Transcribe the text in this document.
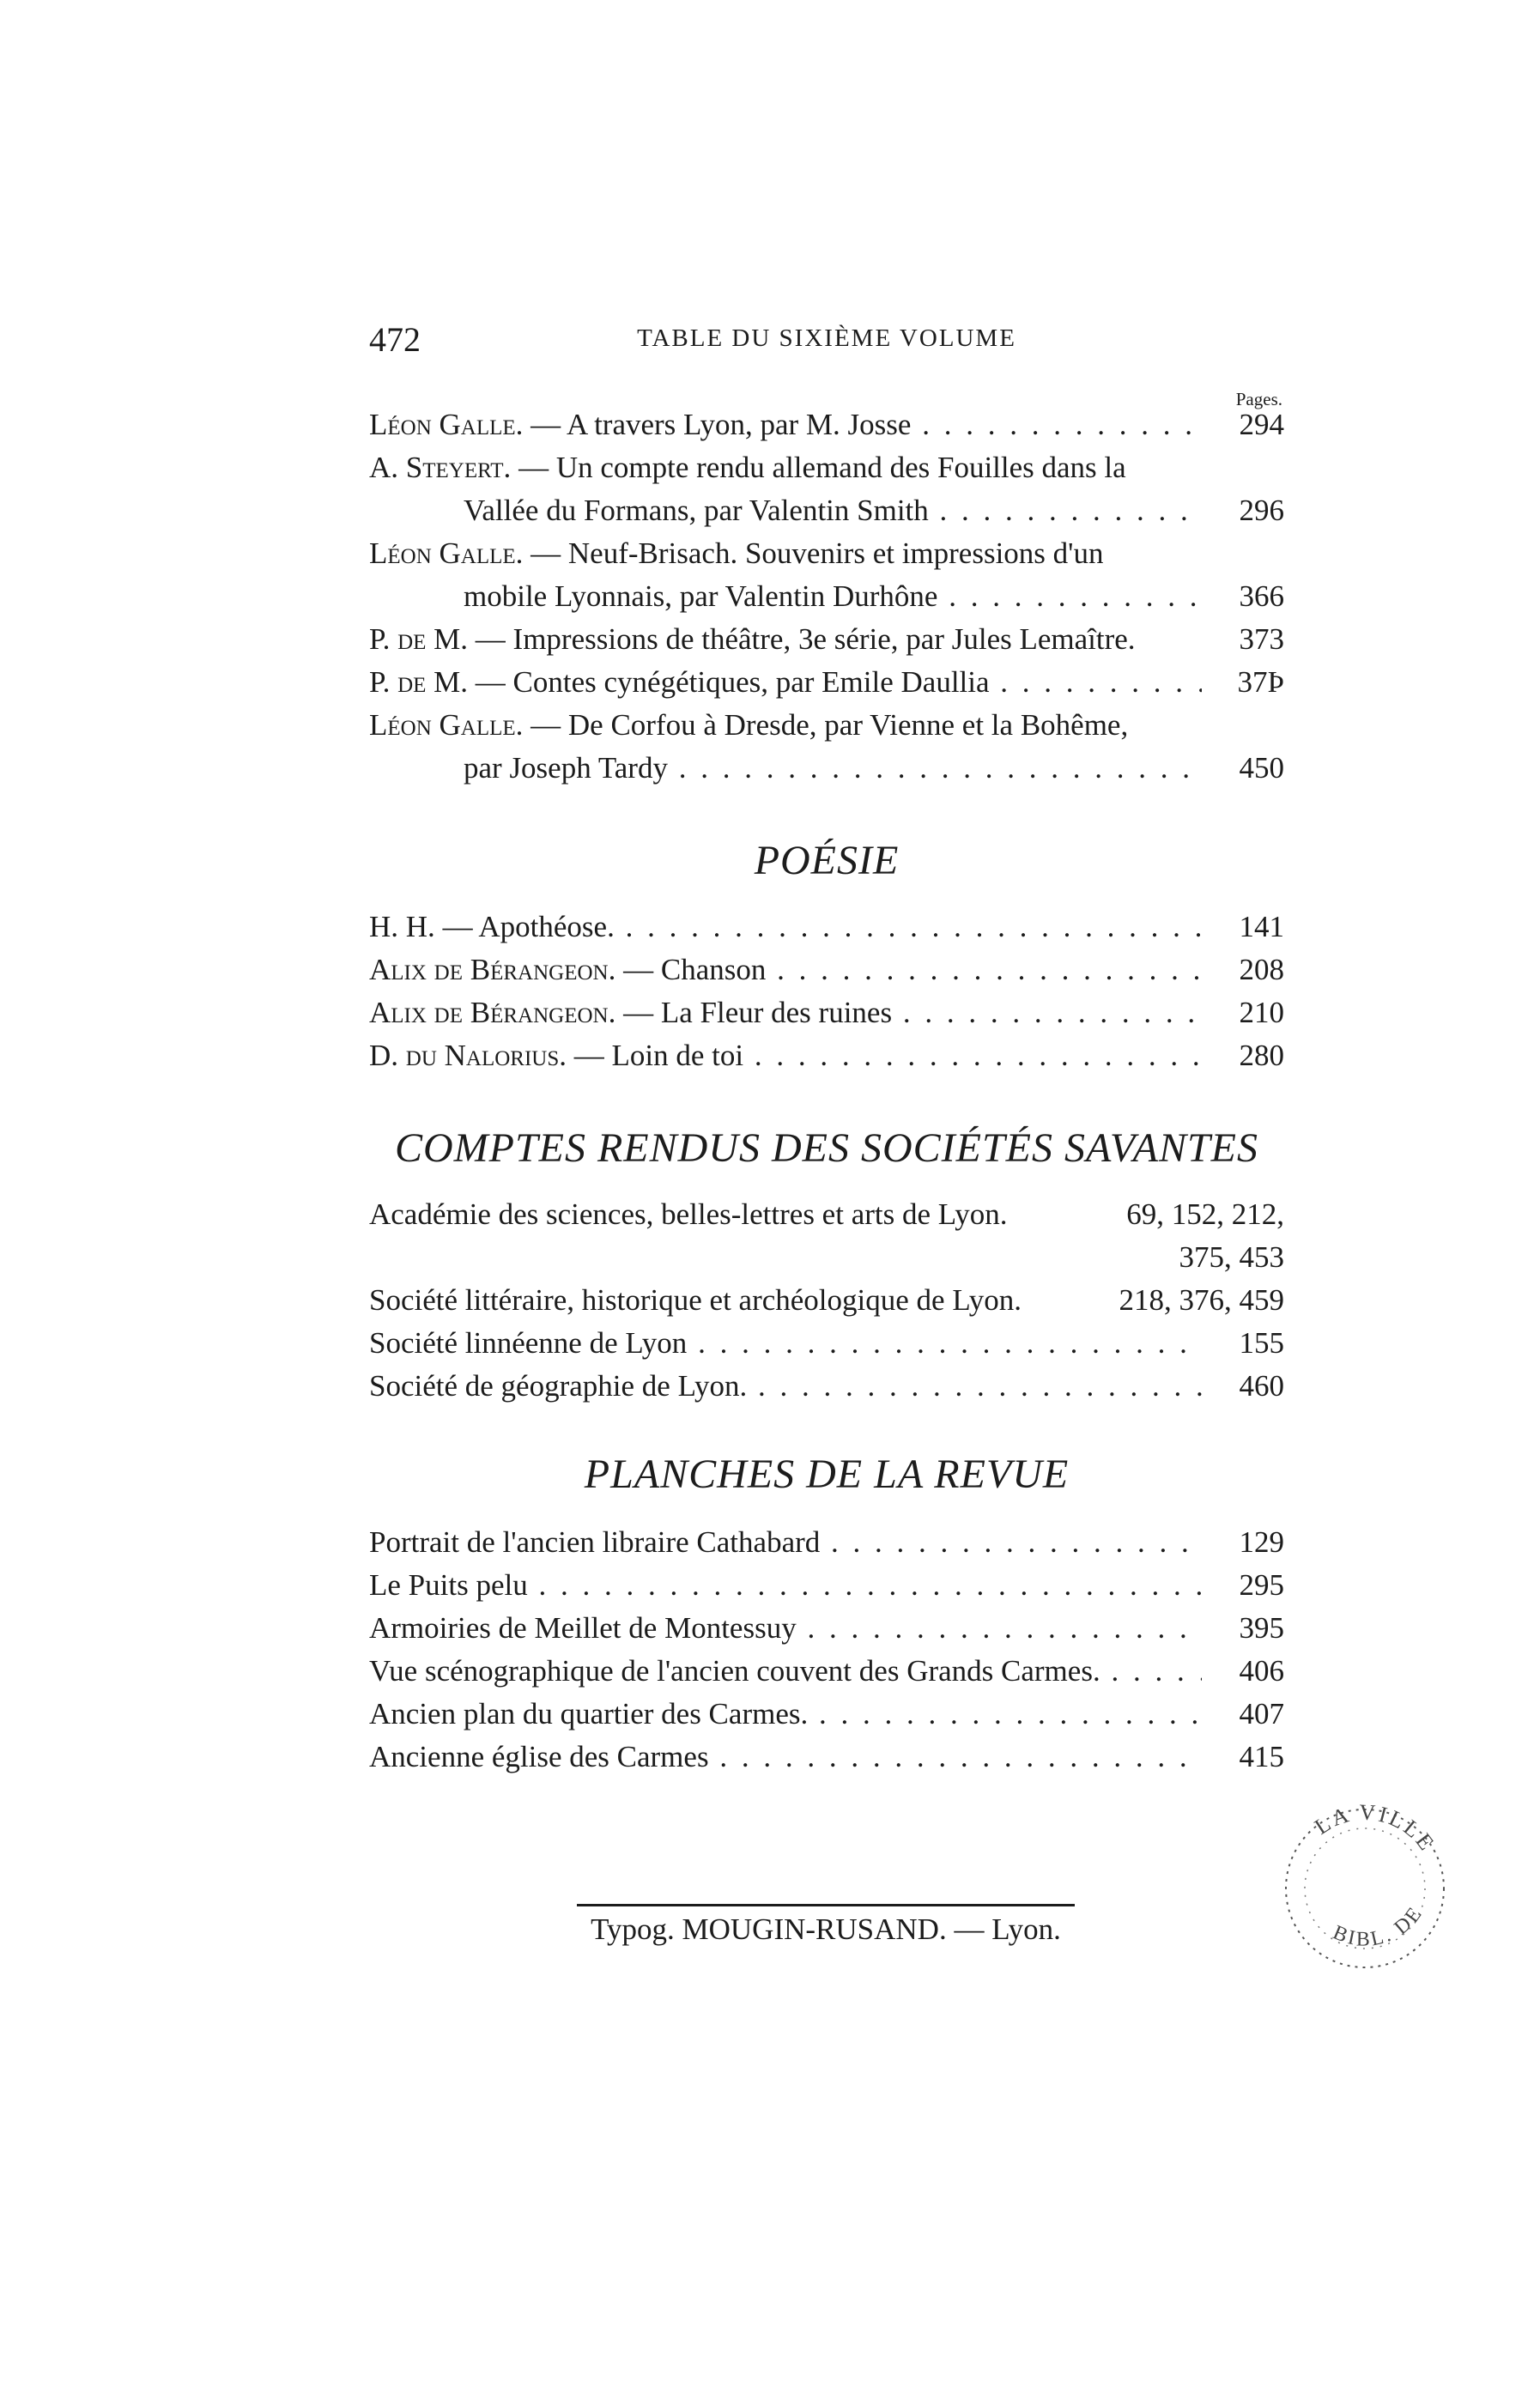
472	TABLE DU SIXIÈME VOLUME
Pages.
Léon Galle. — A travers Lyon, par M. Josse . . .	294
A. Steyert. — Un compte rendu allemand des Fouilles dans la
Vallée du Formans, par Valentin Smith . . .	296
Léon Galle. — Neuf-Brisach. Souvenirs et impressions d'un
mobile Lyonnais, par Valentin Durhône . . .	366
P. de M. — Impressions de théâtre, 3e série, par Jules Lemaître.	373
P. de M. — Contes cynégétiques, par Emile Daullia . . .	37Þ
Léon Galle. — De Corfou à Dresde, par Vienne et la Bohême,
par Joseph Tardy . . .	450
POÉSIE
H. H. — Apothéose. . . .	141
Alix de Bérangeon. — Chanson . . .	208
Alix de Bérangeon. — La Fleur des ruines . . .	210
D. du Nalorius. — Loin de toi . . .	280
COMPTES RENDUS DES SOCIÉTÉS SAVANTES
Académie des sciences, belles-lettres et arts de Lyon.	69, 152, 212,
375, 453
Société littéraire, historique et archéologique de Lyon.	218, 376, 459
Société linnéenne de Lyon . . .	155
Société de géographie de Lyon. . . .	460
PLANCHES DE LA REVUE
Portrait de l'ancien libraire Cathabard . . .	129
Le Puits pelu . . .	295
Armoiries de Meillet de Montessuy . . .	395
Vue scénographique de l'ancien couvent des Grands Carmes. . . .	406
Ancien plan du quartier des Carmes. . . .	407
Ancienne église des Carmes . . .	415
Typog. MOUGIN-RUSAND. — Lyon.
LA VILLE
BIBL. DE
